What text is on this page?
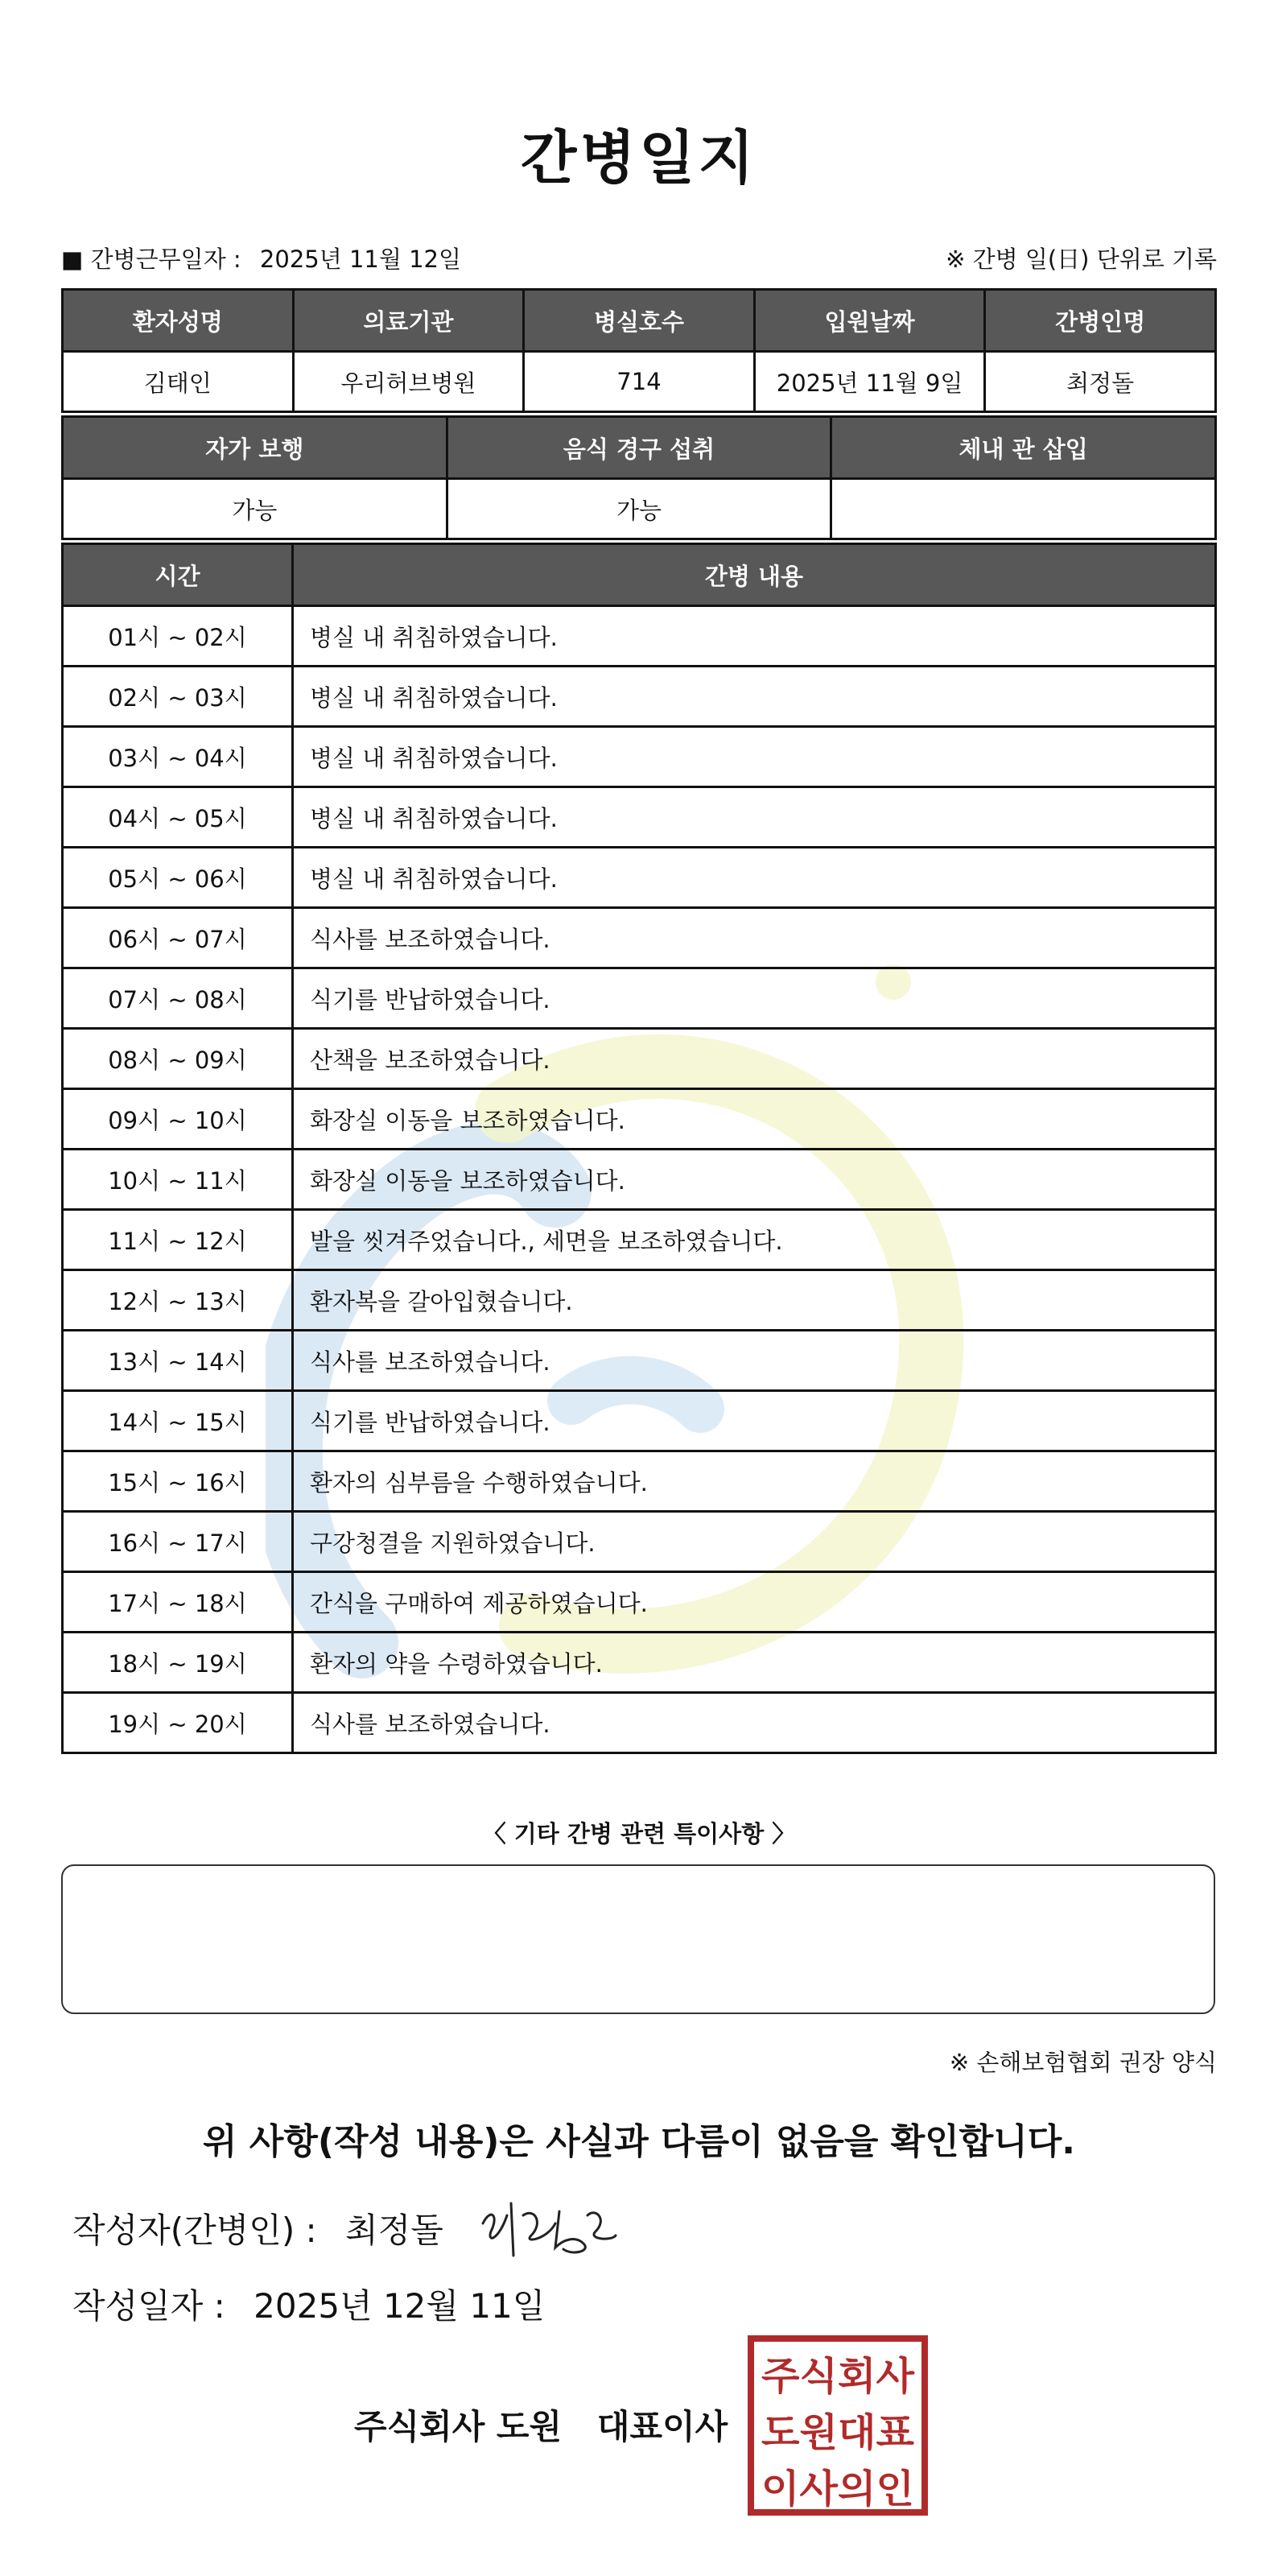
간병일지
■ 간병근무일자 : 2025년 11월 12일	※ 간병 일(日) 단위로 기록
환자성명	의료기관	병실호수	입원날짜	간병인명
김태인	우리허브병원	714	2025년 11월 9일	최정돌
자가 보행	음식 경구 섭취	체내 관 삽입
가능	가능	
시간	간병 내용
01시 ~ 02시	병실 내 취침하였습니다.
02시 ~ 03시	병실 내 취침하였습니다.
03시 ~ 04시	병실 내 취침하였습니다.
04시 ~ 05시	병실 내 취침하였습니다.
05시 ~ 06시	병실 내 취침하였습니다.
06시 ~ 07시	식사를 보조하였습니다.
07시 ~ 08시	식기를 반납하였습니다.
08시 ~ 09시	산책을 보조하였습니다.
09시 ~ 10시	화장실 이동을 보조하였습니다.
10시 ~ 11시	화장실 이동을 보조하였습니다.
11시 ~ 12시	발을 씻겨주었습니다., 세면을 보조하였습니다.
12시 ~ 13시	환자복을 갈아입혔습니다.
13시 ~ 14시	식사를 보조하였습니다.
14시 ~ 15시	식기를 반납하였습니다.
15시 ~ 16시	환자의 심부름을 수행하였습니다.
16시 ~ 17시	구강청결을 지원하였습니다.
17시 ~ 18시	간식을 구매하여 제공하였습니다.
18시 ~ 19시	환자의 약을 수령하였습니다.
19시 ~ 20시	식사를 보조하였습니다.
〈 기타 간병 관련 특이사항 〉
※ 손해보험협회 권장 양식
위 사항(작성 내용)은 사실과 다름이 없음을 확인합니다.
작성자(간병인) : 최정돌
작성일자 : 2025년 12월 11일
주식회사 도원   대표이사
주식회사
도원대표
이사의인
